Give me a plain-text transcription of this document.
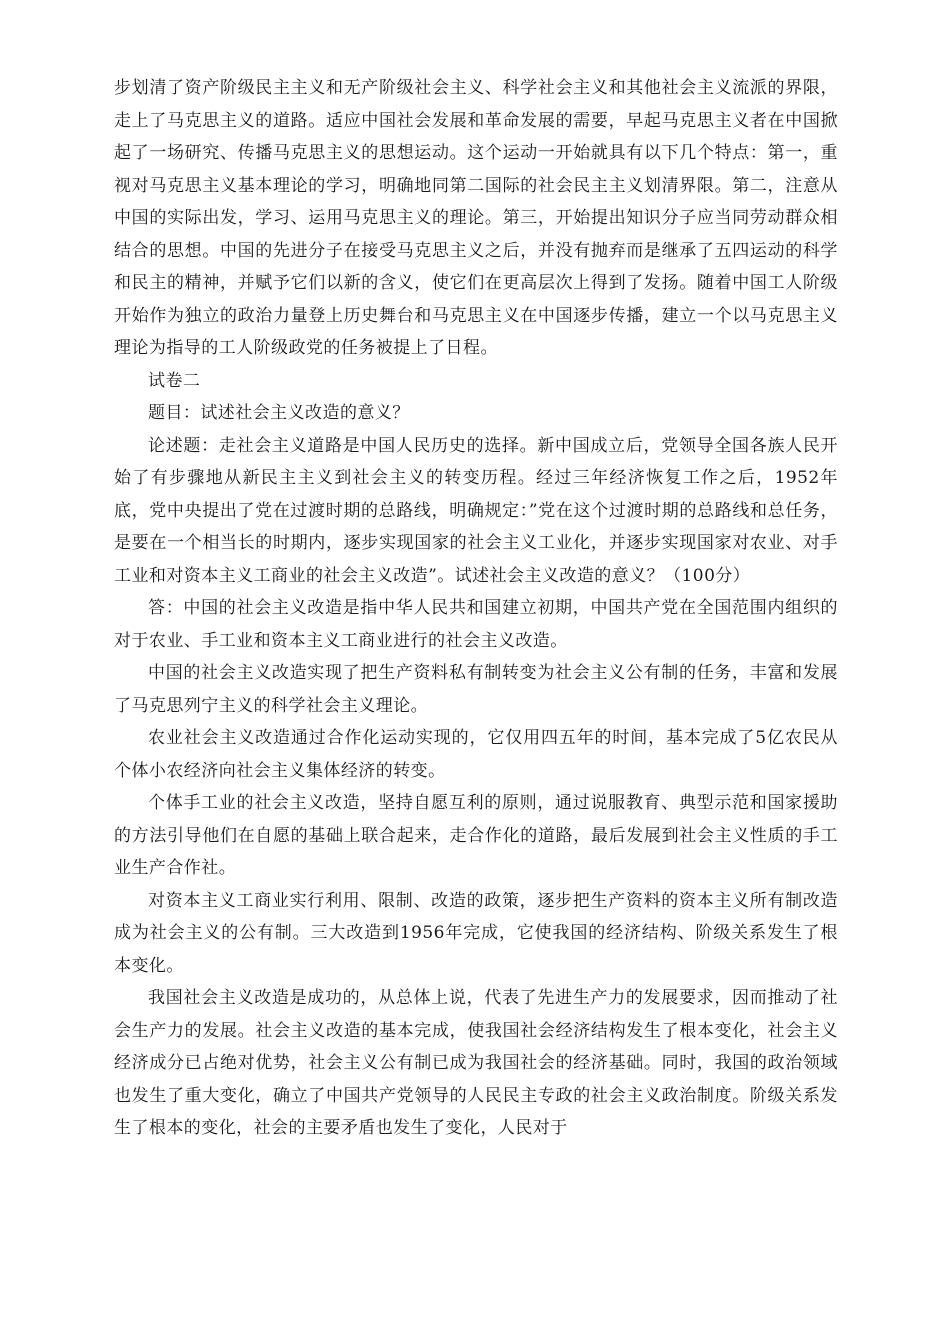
步划清了资产阶级民主主义和无产阶级社会主义、科学社会主义和其他社会主义流派的界限，走上了马克思主义的道路。适应中国社会发展和革命发展的需要，早起马克思主义者在中国掀起了一场研究、传播马克思主义的思想运动。这个运动一开始就具有以下几个特点：第一，重视对马克思主义基本理论的学习，明确地同第二国际的社会民主主义划清界限。第二，注意从中国的实际出发，学习、运用马克思主义的理论。第三，开始提出知识分子应当同劳动群众相结合的思想。中国的先进分子在接受马克思主义之后，并没有抛弃而是继承了五四运动的科学和民主的精神，并赋予它们以新的含义，使它们在更高层次上得到了发扬。随着中国工人阶级开始作为独立的政治力量登上历史舞台和马克思主义在中国逐步传播，建立一个以马克思主义理论为指导的工人阶级政党的任务被提上了日程。

试卷二

题目：试述社会主义改造的意义？

论述题：走社会主义道路是中国人民历史的选择。新中国成立后，党领导全国各族人民开始了有步骤地从新民主主义到社会主义的转变历程。经过三年经济恢复工作之后，1952年底，党中央提出了党在过渡时期的总路线，明确规定：”党在这个过渡时期的总路线和总任务，是要在一个相当长的时期内，逐步实现国家的社会主义工业化，并逐步实现国家对农业、对手工业和对资本主义工商业的社会主义改造”。试述社会主义改造的意义？（100分）

答：中国的社会主义改造是指中华人民共和国建立初期，中国共产党在全国范围内组织的对于农业、手工业和资本主义工商业进行的社会主义改造。

中国的社会主义改造实现了把生产资料私有制转变为社会主义公有制的任务，丰富和发展了马克思列宁主义的科学社会主义理论。

农业社会主义改造通过合作化运动实现的，它仅用四五年的时间，基本完成了5亿农民从个体小农经济向社会主义集体经济的转变。

个体手工业的社会主义改造，坚持自愿互利的原则，通过说服教育、典型示范和国家援助的方法引导他们在自愿的基础上联合起来，走合作化的道路，最后发展到社会主义性质的手工业生产合作社。

对资本主义工商业实行利用、限制、改造的政策，逐步把生产资料的资本主义所有制改造成为社会主义的公有制。三大改造到1956年完成，它使我国的经济结构、阶级关系发生了根本变化。

我国社会主义改造是成功的，从总体上说，代表了先进生产力的发展要求，因而推动了社会生产力的发展。社会主义改造的基本完成，使我国社会经济结构发生了根本变化，社会主义经济成分已占绝对优势，社会主义公有制已成为我国社会的经济基础。同时，我国的政治领域也发生了重大变化，确立了中国共产党领导的人民民主专政的社会主义政治制度。阶级关系发生了根本的变化，社会的主要矛盾也发生了变化，人民对于
